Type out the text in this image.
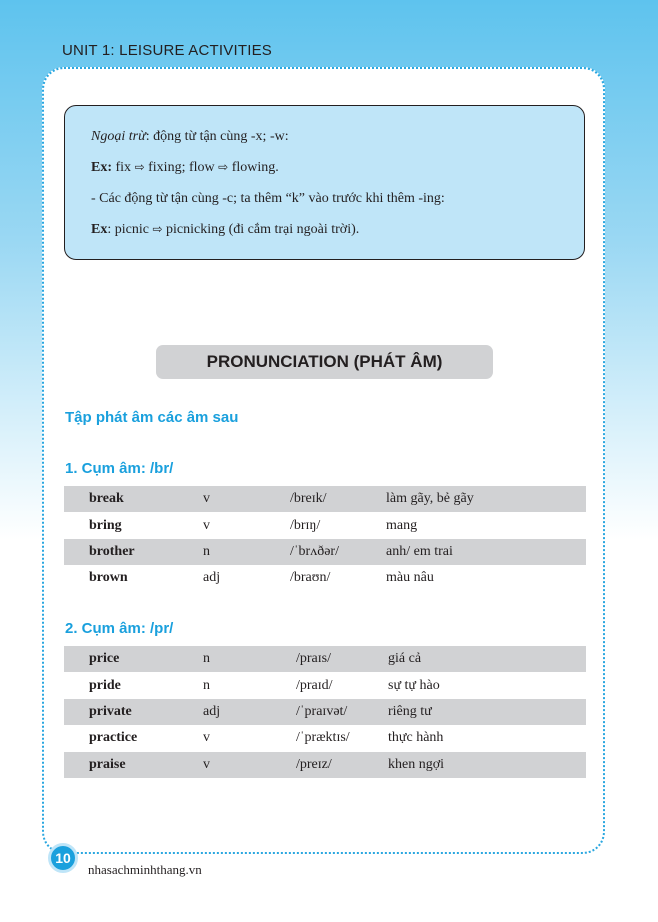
UNIT 1: LEISURE ACTIVITIES

Ngoại trừ: động từ tận cùng -x; -w:

Ex: fix ⇨ fixing; flow ⇨ flowing.

- Các động từ tận cùng -c; ta thêm “k” vào trước khi thêm -ing:

Ex: picnic ⇨ picnicking (đi cắm trại ngoài trời).

PRONUNCIATION (PHÁT ÂM)
Tập phát âm các âm sau
1. Cụm âm: /br/
break	v	/breɪk/	làm gãy, bẻ gãy
bring	v	/brɪŋ/	mang
brother	n	/ˈbrʌðər/	anh/ em trai
brown	adj	/braʊn/	màu nâu
2. Cụm âm: /pr/
price	n	/praɪs/	giá cả
pride	n	/praɪd/	sự tự hào
private	adj	/ˈpraɪvət/	riêng tư
practice	v	/ˈpræktɪs/	thực hành
praise	v	/preɪz/	khen ngợi
10
nhasachminhthang.vn
